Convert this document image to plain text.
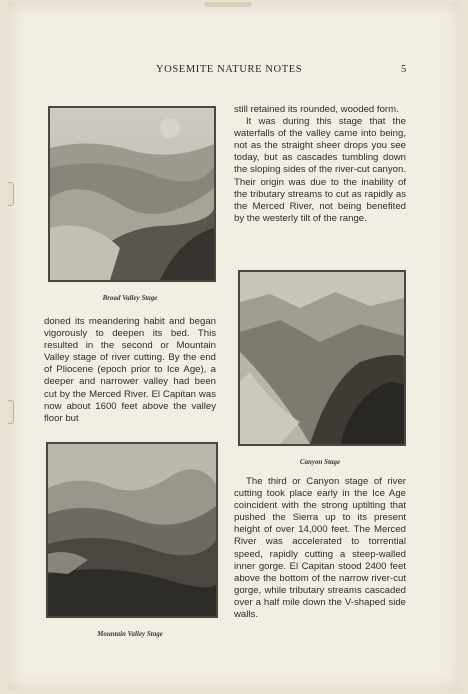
YOSEMITE NATURE NOTES	5
Broad Valley Stage

still retained its rounded, wooded form.

It was during this stage that the waterfalls of the valley came into being, not as the straight sheer drops you see today, but as cascades tumbling down the sloping sides of the river-cut canyon. Their origin was due to the inability of the tributary streams to cut as rapidly as the Merced River, not being benefited by the westerly tilt of the range.

Canyon Stage

doned its meandering habit and began vigorously to deepen its bed. This resulted in the second or Mountain Valley stage of river cutting. By the end of Pliocene (epoch prior to Ice Age), a deeper and narrower valley had been cut by the Merced River. El Capitan was now about 1600 feet above the valley floor but

Mountain Valley Stage

The third or Canyon stage of river cutting took place early in the Ice Age coincident with the strong uptilting that pushed the Sierra up to its present height of over 14,000 feet. The Merced River was accelerated to torrential speed, rapidly cutting a steep-walled inner gorge. El Capitan stood 2400 feet above the bottom of the narrow river-cut gorge, while tributary streams cascaded over a half mile down the V-shaped side walls.
